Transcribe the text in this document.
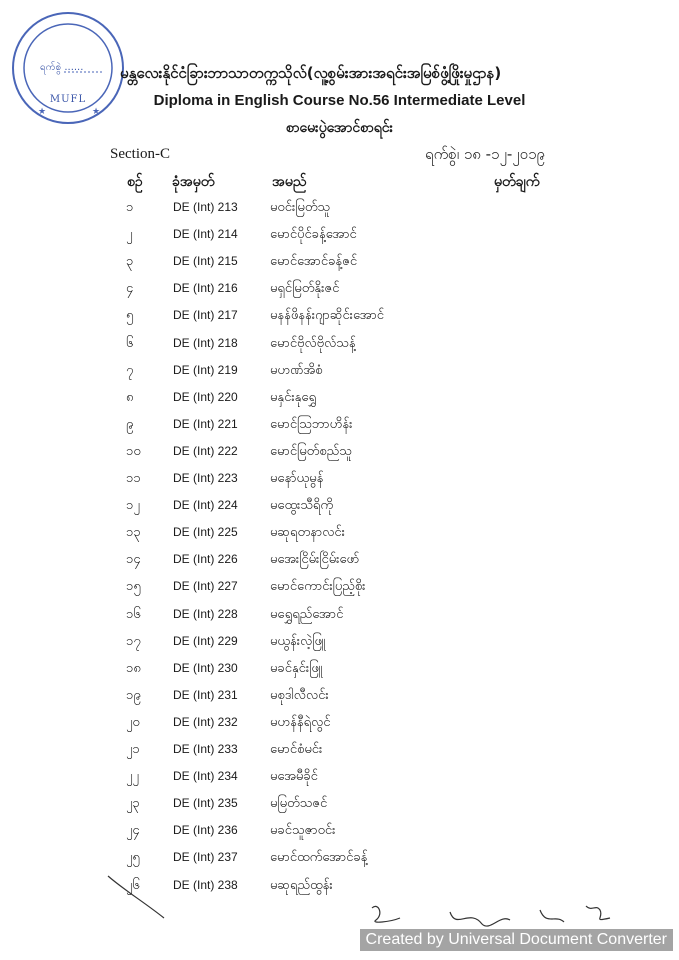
★	★
ရက်စွဲ ......
MUFL
မန္တလေးနိုင်ငံခြားဘာသာတက္ကသိုလ်(လူ့စွမ်းအားအရင်းအမြစ်ဖွံ့ဖြိုးမှုဌာန)
Diploma in English Course No.56 Intermediate Level
စာမေးပွဲအောင်စာရင်း
Section-C	ရက်စွဲ၊ ၁၈ -၁၂-၂၀၁၉
စဉ် ခုံအမှတ်	အမည်	မှတ်ချက်
၁	DE (Int) 213 မဝင်းမြတ်သူ
၂	DE (Int) 214 မောင်ပိုင်ခန့်အောင်
၃	DE (Int) 215 မောင်အောင်ခန့်ဇင်
၄	DE (Int) 216 မရှင်မြတ်နိုးဇင်
၅	DE (Int) 217 မနန်ဖိနန်းဂျာဆိုင်းအောင်
၆	DE (Int) 218 မောင်ဗိုလ်ဗိုလ်သန့်
၇	DE (Int) 219 မဟဏ်အိစံ
၈	DE (Int) 220 မနှင်းနုရွှေ
၉	DE (Int) 221 မောင်သြဘာဟိန်း
၁၀	DE (Int) 222 မောင်မြတ်စည်သူ
၁၁	DE (Int) 223 မနော်ယုမွန်
၁၂	DE (Int) 224 မထွေးသီရိကို
၁၃	DE (Int) 225 မဆုရတနာလင်း
၁၄	DE (Int) 226 မအေးငြိမ်းငြိမ်းဖော်
၁၅	DE (Int) 227 မောင်ကောင်းပြည့်စိုး
၁၆	DE (Int) 228 မရွှေရည်အောင်
၁၇	DE (Int) 229 မယွန်းလဲ့ဖြူ
၁၈	DE (Int) 230 မခင်နှင်းဖြူ
၁၉	DE (Int) 231 မစုဒါလီလင်း
၂၀	DE (Int) 232 မဟန်နီရဲလွင်
၂၁	DE (Int) 233 မောင်စံမင်း
၂၂	DE (Int) 234 မအေမီခိုင်
၂၃	DE (Int) 235 မမြတ်သဇင်
၂၄	DE (Int) 236 မခင်သူဇာဝင်း
၂၅	DE (Int) 237 မောင်ထက်အောင်ခန့်
၂၆	DE (Int) 238 မဆုရည်ထွန်း
Created by Universal Document Converter
